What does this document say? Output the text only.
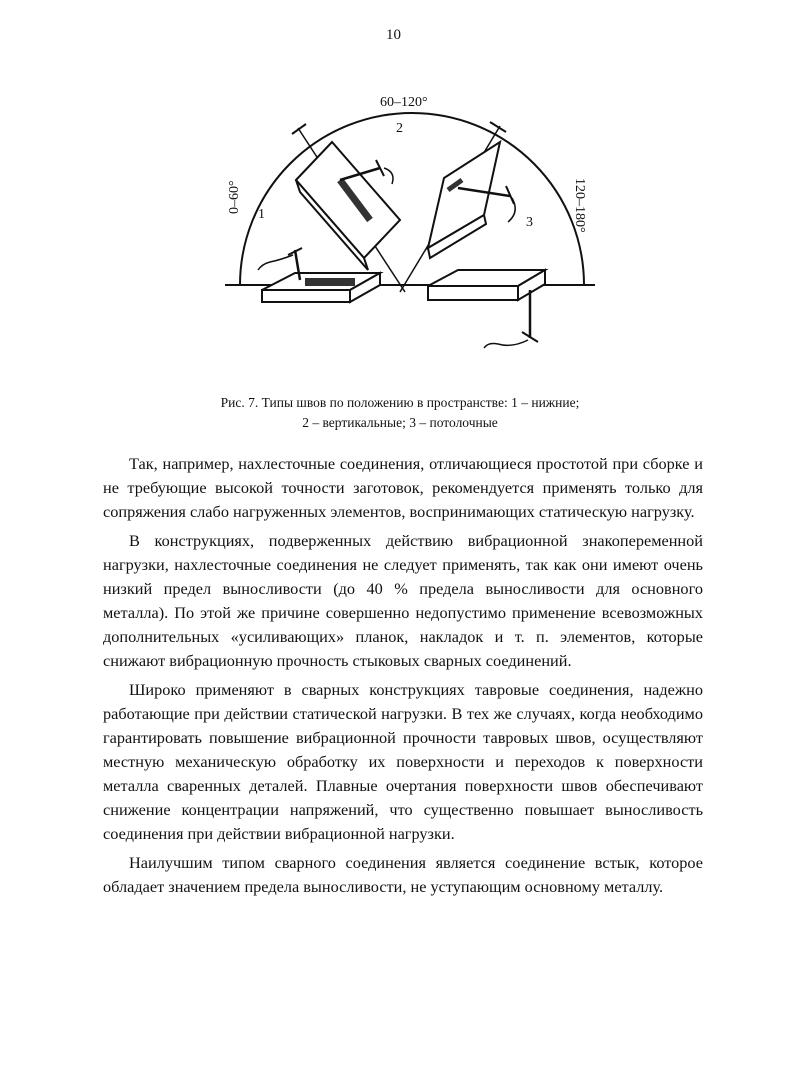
10
60–120°
2
1
3
0–60°	120–180°
Рис. 7. Типы швов по положению в пространстве: 1 – нижние;
2 – вертикальные; 3 – потолочные

Так, например, нахлесточные соединения, отличающиеся простотой при сборке и не требующие высокой точности заготовок, рекомендуется применять только для сопряжения слабо нагруженных элементов, воспринимающих статическую нагрузку.

В конструкциях, подверженных действию вибрационной знакопеременной нагрузки, нахлесточные соединения не следует применять, так как они имеют очень низкий предел выносливости (до 40 % предела выносливости для основного металла). По этой же причине совершенно недопустимо применение всевозможных дополнительных «усиливающих» планок, накладок и т. п. элементов, которые снижают вибрационную прочность стыковых сварных соединений.

Широко применяют в сварных конструкциях тавровые соединения, надежно работающие при действии статической нагрузки. В тех же случаях, когда необходимо гарантировать повышение вибрационной прочности тавровых швов, осуществляют местную механическую обработку их поверхности и переходов к поверхности металла сваренных деталей. Плавные очертания поверхности швов обеспечивают снижение концентрации напряжений, что существенно повышает выносливость соединения при действии вибрационной нагрузки.

Наилучшим типом сварного соединения является соединение встык, которое обладает значением предела выносливости, не уступающим основному металлу.
